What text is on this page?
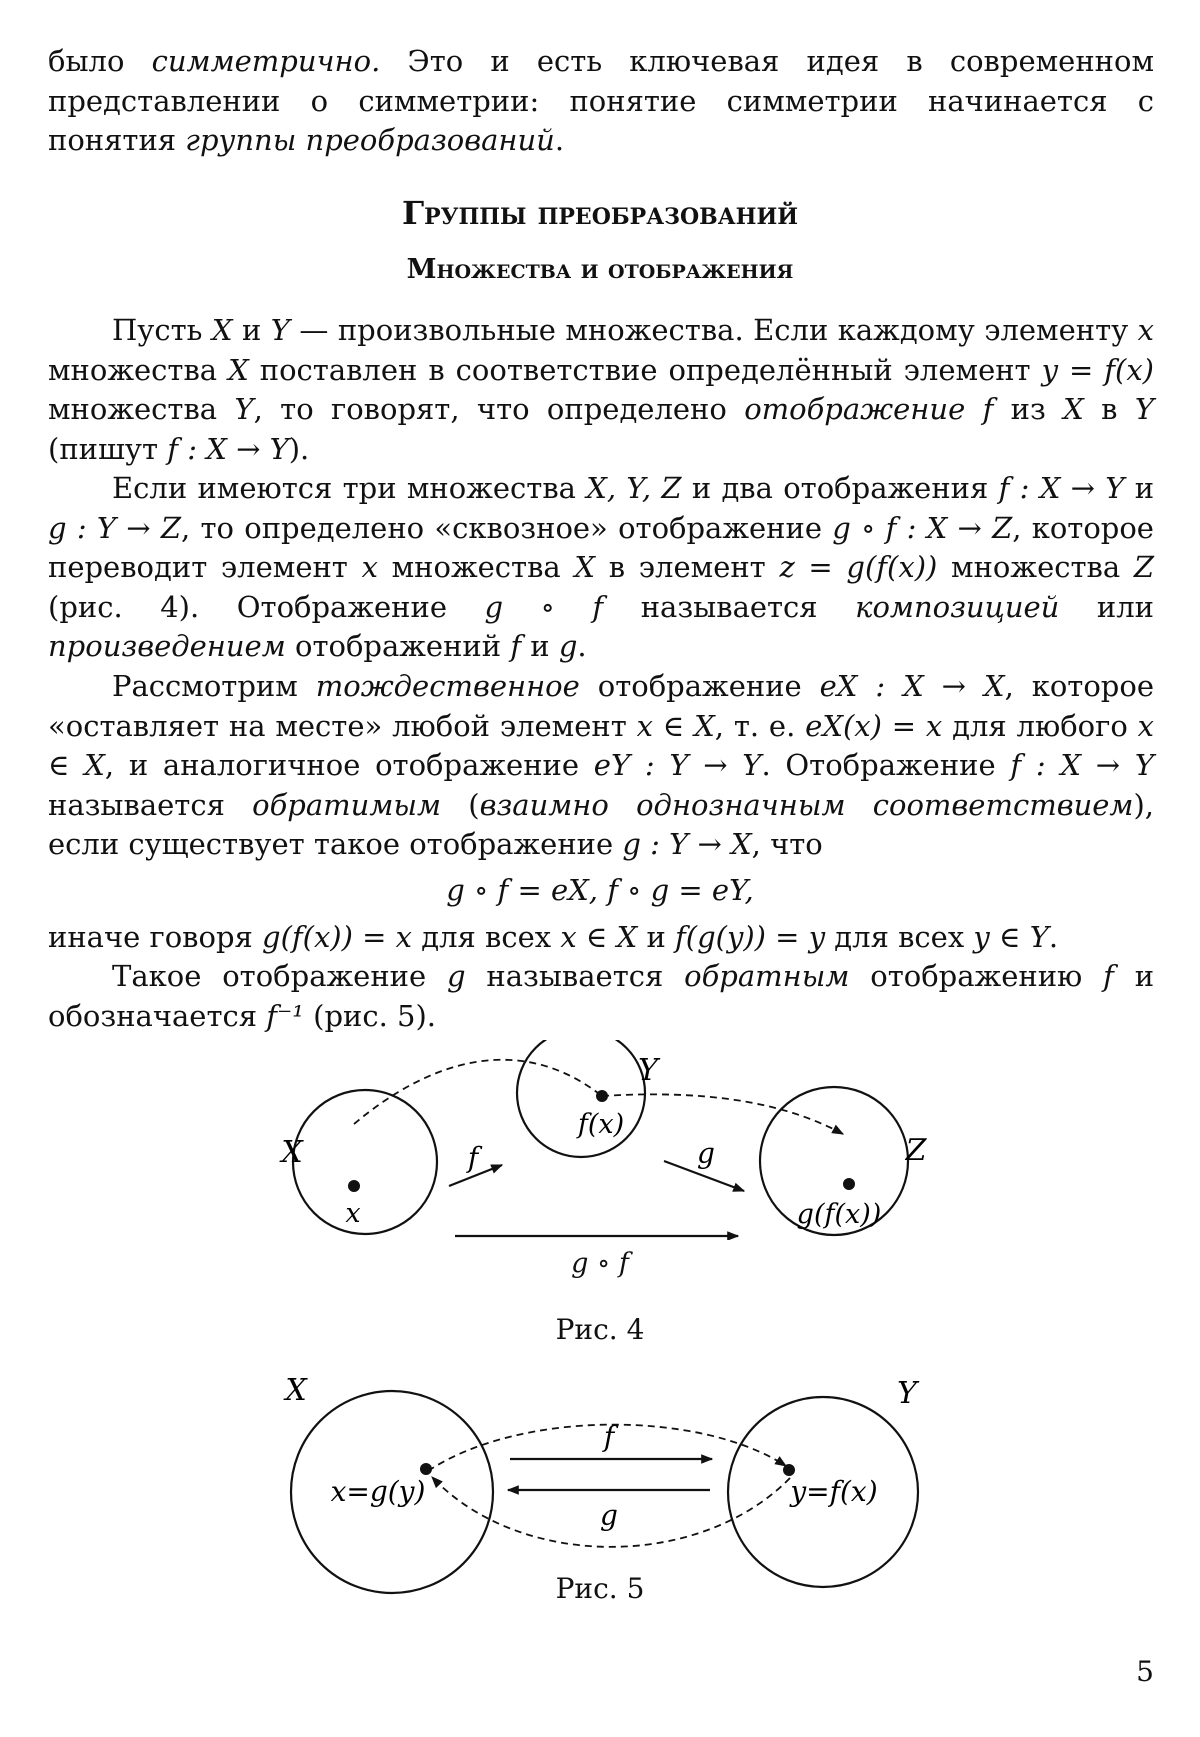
было симметрично. Это и есть ключевая идея в современном представлении о симметрии: понятие симметрии начинается с понятия группы преобразований.

Группы преобразований
Множества и отображения

Пусть X и Y — произвольные множества. Если каждому элементу x множества X поставлен в соответствие определённый элемент y = f(x) множества Y, то говорят, что определено отображение f из X в Y (пишут f : X → Y).

Если имеются три множества X, Y, Z и два отображения f : X → Y и g : Y → Z, то определено «сквозное» отображение g ∘ f : X → Z, которое переводит элемент x множества X в элемент z = g(f(x)) множества Z (рис. 4). Отображение g ∘ f называется композицией или произведением отображений f и g.

Рассмотрим тождественное отображение eX : X → X, которое «оставляет на месте» любой элемент x ∈ X, т. е. eX(x) = x для любого x ∈ X, и аналогичное отображение eY : Y → Y. Отображение f : X → Y называется обратимым (взаимно однозначным соответствием), если существует такое отображение g : Y → X, что

g ∘ f = eX, f ∘ g = eY,

иначе говоря g(f(x)) = x для всех x ∈ X и f(g(y)) = y для всех y ∈ Y.

Такое отображение g называется обратным отображению f и обозначается f⁻¹ (рис. 5).

X
Y
Z
x
f(x)
g(f(x))
f	g
g ∘ f
Рис. 4
X	Y
x=g(y)	y=f(x)
f
g
Рис. 5
5
